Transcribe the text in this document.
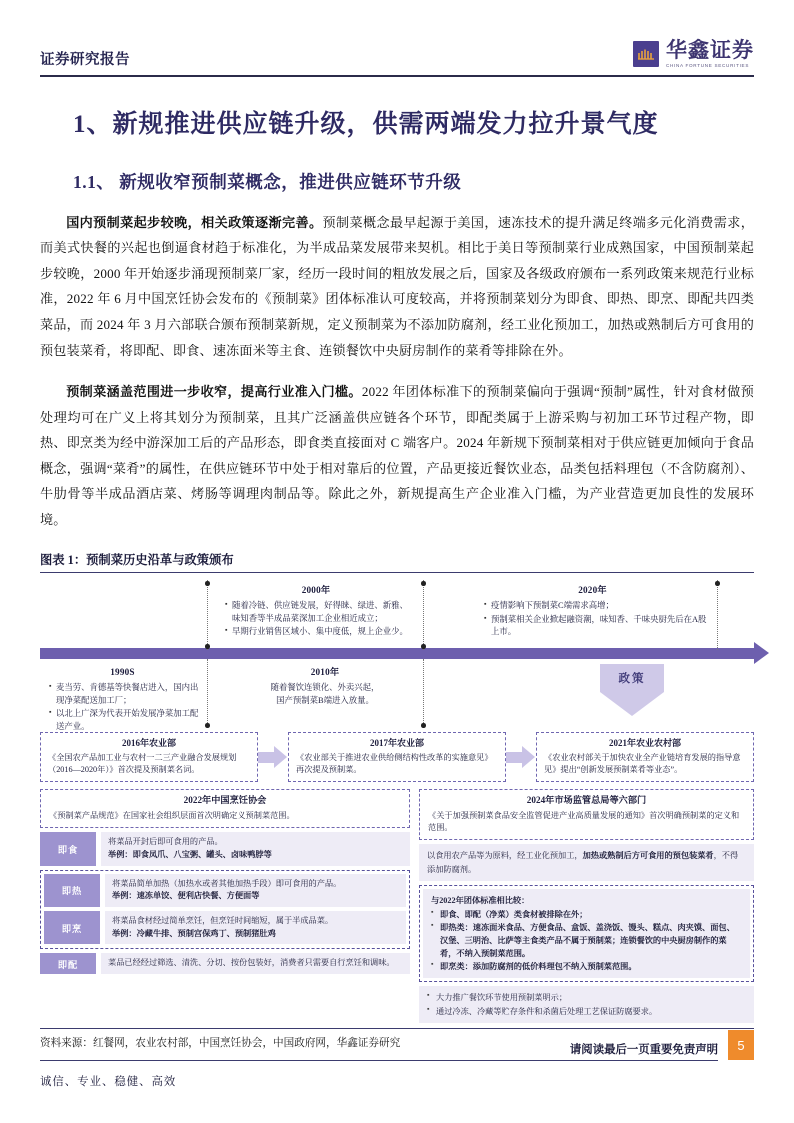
证券研究报告	华鑫证券
CHINA FORTUNE SECURITIES
1、新规推进供应链升级，供需两端发力拉升景气度
1.1、 新规收窄预制菜概念，推进供应链环节升级

国内预制菜起步较晚，相关政策逐渐完善。预制菜概念最早起源于美国，速冻技术的提升满足终端多元化消费需求，而美式快餐的兴起也倒逼食材趋于标准化，为半成品菜发展带来契机。相比于美日等预制菜行业成熟国家，中国预制菜起步较晚，2000 年开始逐步涌现预制菜厂家，经历一段时间的粗放发展之后，国家及各级政府颁布一系列政策来规范行业标准，2022 年 6 月中国烹饪协会发布的《预制菜》团体标准认可度较高，并将预制菜划分为即食、即热、即烹、即配共四类菜品，而 2024 年 3 月六部联合颁布预制菜新规，定义预制菜为不添加防腐剂，经工业化预加工，加热或熟制后方可食用的预包装菜肴，将即配、即食、速冻面米等主食、连锁餐饮中央厨房制作的菜肴等排除在外。

预制菜涵盖范围进一步收窄，提高行业准入门槛。2022 年团体标准下的预制菜偏向于强调“预制”属性，针对食材做预处理均可在广义上将其划分为预制菜，且其广泛涵盖供应链各个环节，即配类属于上游采购与初加工环节过程产物，即热、即烹类为经中游深加工后的产品形态，即食类直接面对 C 端客户。2024 年新规下预制菜相对于供应链更加倾向于食品概念，强调“菜肴”的属性，在供应链环节中处于相对靠后的位置，产品更接近餐饮业态，品类包括料理包（不含防腐剂）、牛肋骨等半成品酒店菜、烤肠等调理肉制品等。除此之外，新规提高生产企业准入门槛，为产业营造更加良性的发展环境。

图表 1：预制菜历史沿革与政策颁布
2000年
▪ 随着冷链、供应链发展，好得睐、绿进、新雅、味知香等半成品菜深加工企业相近成立；
▪ 早期行业销售区域小、集中度低，规上企业少。
2020年
▪ 疫情影响下预制菜C端需求高增；
▪ 预制菜相关企业掀起融资潮，味知香、千味央厨先后在A股上市。
1990S
▪ 麦当劳、肯德基等快餐店进入，国内出现净菜配送加工厂；
▪ 以北上广深为代表开始发展净菜加工配送产业。
2010年
随着餐饮连锁化、外卖兴起，
国产预制菜B端进入放量。
政策
2016年农业部
《全国农产品加工业与农村一二三产业融合发展规划（2016—2020年）》首次提及预制菜名词。
2017年农业部
《农业部关于推进农业供给侧结构性改革的实施意见》再次提及预制菜。
2021年农业农村部
《农业农村部关于加快农业全产业链培育发展的指导意见》提出“创新发展预制菜肴等业态”。
2022年中国烹饪协会
《预制菜产品规范》在国家社会组织层面首次明确定义预制菜范围。
即食
将菜品开封后即可食用的产品。
举例：即食凤爪、八宝粥、罐头、卤味鸭脖等
即热
将菜品简单加热（加热水或者其他加热手段）即可食用的产品。
举例：速冻单饺、便利店快餐、方便面等
即烹
将菜品食材经过简单烹饪，但烹饪时间缩短，属于半成品菜。
举例：冷藏牛排、预制宫保鸡丁、预制猪肚鸡
即配	菜品已经经过筛选、清洗、分切、按份包装好，消费者只需要自行烹饪和调味。
2024年市场监管总局等六部门
《关于加强预制菜食品安全监管促进产业高质量发展的通知》首次明确预制菜的定义和范围。
以食用农产品等为原料，经工业化预加工，加热或熟制后方可食用的预包装菜肴，不得添加防腐剂。
与2022年团体标准相比较：
▪ 即食、即配（净菜）类食材被排除在外；
▪ 即热类：速冻面米食品、方便食品、盒饭、盖浇饭、馒头、糕点、肉夹馍、面包、汉堡、三明治、比萨等主食类产品不属于预制菜；连锁餐饮的中央厨房制作的菜肴，不纳入预制菜范围。
▪ 即烹类：添加防腐剂的低价料理包不纳入预制菜范围。
▪ 大力推广餐饮环节使用预制菜明示；
▪ 通过冷冻、冷藏等贮存条件和杀菌后处理工艺保证防腐要求。
资料来源：红餐网，农业农村部，中国烹饪协会，中国政府网，华鑫证券研究
请阅读最后一页重要免责声明	5
诚信、专业、稳健、高效
